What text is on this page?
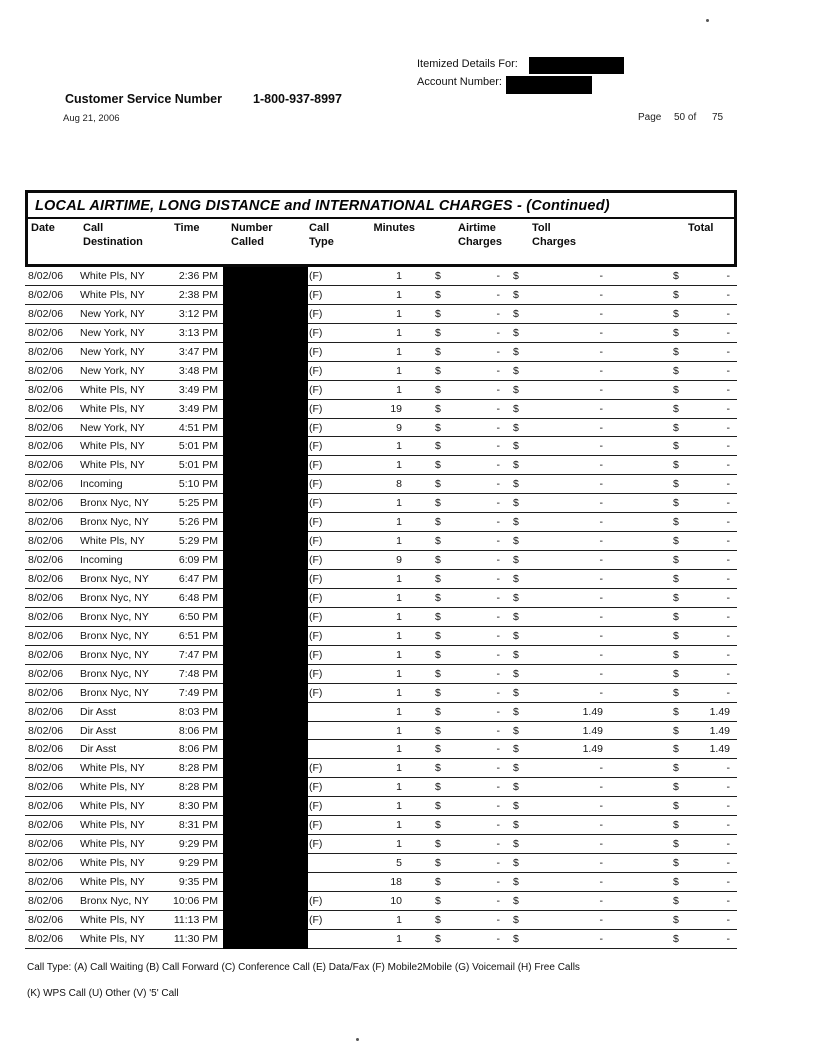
Itemized Details For:
Account Number:
Customer Service Number 1-800-937-8997
Aug 21, 2006	Page 50 of 75
LOCAL AIRTIME, LONG DISTANCE and INTERNATIONAL CHARGES - (Continued)
Date	Call
Destination
Time	Number
Called
Call
Type
Minutes	Airtime
Charges
Toll
Charges
Total
8/02/06	White Pls, NY	2:36 PM	(F)	1	$	- $	-	$	-
8/02/06	White Pls, NY	2:38 PM	(F)	1	$	- $	-	$	-
8/02/06	New York, NY	3:12 PM	(F)	1	$	- $	-	$	-
8/02/06	New York, NY	3:13 PM	(F)	1	$	- $	-	$	-
8/02/06	New York, NY	3:47 PM	(F)	1	$	- $	-	$	-
8/02/06	New York, NY	3:48 PM	(F)	1	$	- $	-	$	-
8/02/06	White Pls, NY	3:49 PM	(F)	1	$	- $	-	$	-
8/02/06	White Pls, NY	3:49 PM	(F)	19	$	- $	-	$	-
8/02/06	New York, NY	4:51 PM	(F)	9	$	- $	-	$	-
8/02/06	White Pls, NY	5:01 PM	(F)	1	$	- $	-	$	-
8/02/06	White Pls, NY	5:01 PM	(F)	1	$	- $	-	$	-
8/02/06	Incoming	5:10 PM	(F)	8	$	- $	-	$	-
8/02/06	Bronx Nyc, NY	5:25 PM	(F)	1	$	- $	-	$	-
8/02/06	Bronx Nyc, NY	5:26 PM	(F)	1	$	- $	-	$	-
8/02/06	White Pls, NY	5:29 PM	(F)	1	$	- $	-	$	-
8/02/06	Incoming	6:09 PM	(F)	9	$	- $	-	$	-
8/02/06	Bronx Nyc, NY	6:47 PM	(F)	1	$	- $	-	$	-
8/02/06	Bronx Nyc, NY	6:48 PM	(F)	1	$	- $	-	$	-
8/02/06	Bronx Nyc, NY	6:50 PM	(F)	1	$	- $	-	$	-
8/02/06	Bronx Nyc, NY	6:51 PM	(F)	1	$	- $	-	$	-
8/02/06	Bronx Nyc, NY	7:47 PM	(F)	1	$	- $	-	$	-
8/02/06	Bronx Nyc, NY	7:48 PM	(F)	1	$	- $	-	$	-
8/02/06	Bronx Nyc, NY	7:49 PM	(F)	1	$	- $	-	$	-
8/02/06	Dir Asst	8:03 PM	1	$	- $	1.49	$	1.49
8/02/06	Dir Asst	8:06 PM	1	$	- $	1.49	$	1.49
8/02/06	Dir Asst	8:06 PM	1	$	- $	1.49	$	1.49
8/02/06	White Pls, NY	8:28 PM	(F)	1	$	- $	-	$	-
8/02/06	White Pls, NY	8:28 PM	(F)	1	$	- $	-	$	-
8/02/06	White Pls, NY	8:30 PM	(F)	1	$	- $	-	$	-
8/02/06	White Pls, NY	8:31 PM	(F)	1	$	- $	-	$	-
8/02/06	White Pls, NY	9:29 PM	(F)	1	$	- $	-	$	-
8/02/06	White Pls, NY	9:29 PM	5	$	- $	-	$	-
8/02/06	White Pls, NY	9:35 PM	18	$	- $	-	$	-
8/02/06	Bronx Nyc, NY	10:06 PM	(F)	10	$	- $	-	$	-
8/02/06	White Pls, NY	11:13 PM	(F)	1	$	- $	-	$	-
8/02/06	White Pls, NY	11:30 PM	1	$	- $	-	$	-
Call Type: (A) Call Waiting (B) Call Forward (C) Conference Call (E) Data/Fax (F) Mobile2Mobile (G) Voicemail (H) Free Calls
(K) WPS Call (U) Other (V) '5' Call
